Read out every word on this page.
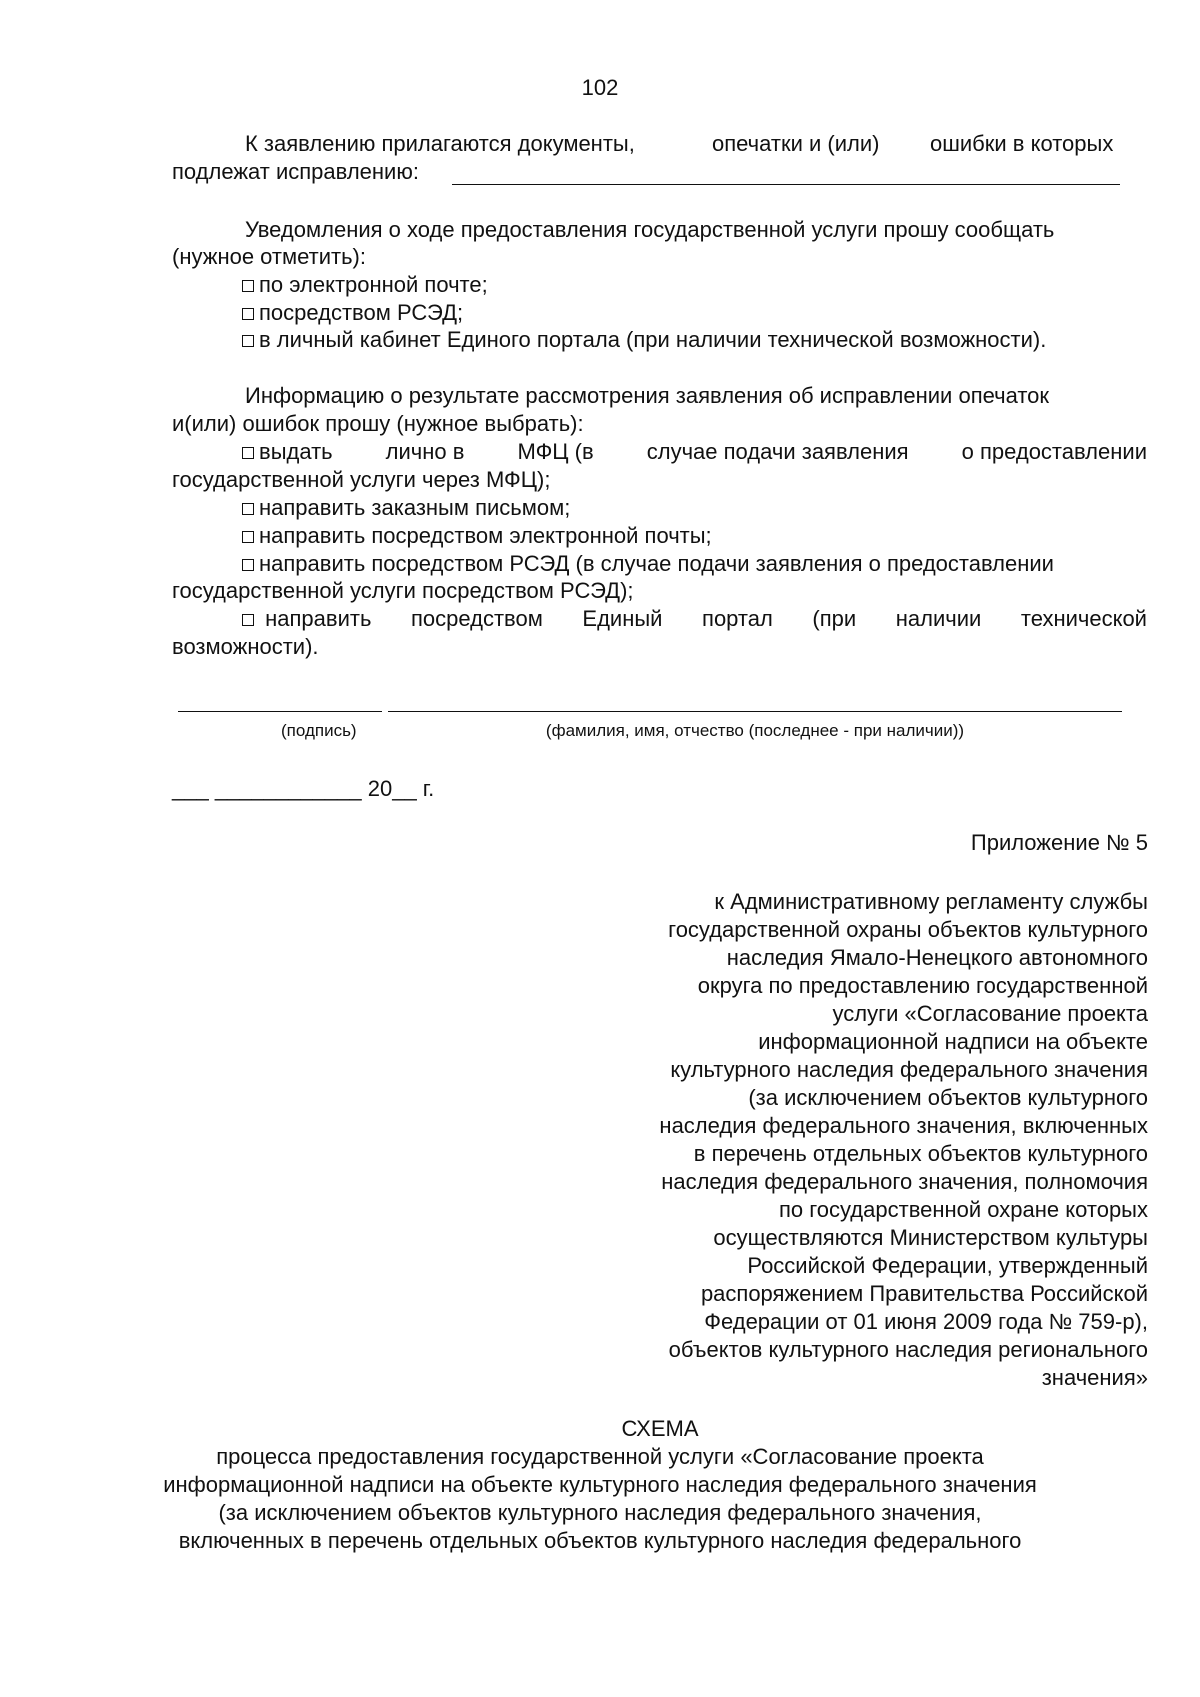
102
К заявлению прилагаются документы,	опечатки и (или) ошибки в которых
подлежат исправлению:
Уведомления о ходе предоставления государственной услуги прошу сообщать
(нужное отметить):
по электронной почте;
посредством РСЭД;
в личный кабинет Единого портала (при наличии технической возможности).
Информацию о результате рассмотрения заявления об исправлении опечаток
и(или) ошибок прошу (нужное выбрать):
выдать лично в МФЦ (в случае подачи заявления о предоставлении
государственной услуги через МФЦ);
направить заказным письмом;
направить посредством электронной почты;
направить посредством РСЭД (в случае подачи заявления о предоставлении
государственной услуги посредством РСЭД);
направить посредством Единый портал (при наличии технической
возможности).
(подпись)	(фамилия, имя, отчество (последнее - при наличии))
___ ____________ 20__ г.
Приложение № 5
к Административному регламенту службы
государственной охраны объектов культурного
наследия Ямало-Ненецкого автономного
округа по предоставлению государственной
услуги «Согласование проекта
информационной надписи на объекте
культурного наследия федерального значения
(за исключением объектов культурного
наследия федерального значения, включенных
в перечень отдельных объектов культурного
наследия федерального значения, полномочия
по государственной охране которых
осуществляются Министерством культуры
Российской Федерации, утвержденный
распоряжением Правительства Российской
Федерации от 01 июня 2009 года № 759-р),
объектов культурного наследия регионального
значения»
СХЕМА
процесса предоставления государственной услуги «Согласование проекта
информационной надписи на объекте культурного наследия федерального значения
(за исключением объектов культурного наследия федерального значения,
включенных в перечень отдельных объектов культурного наследия федерального
